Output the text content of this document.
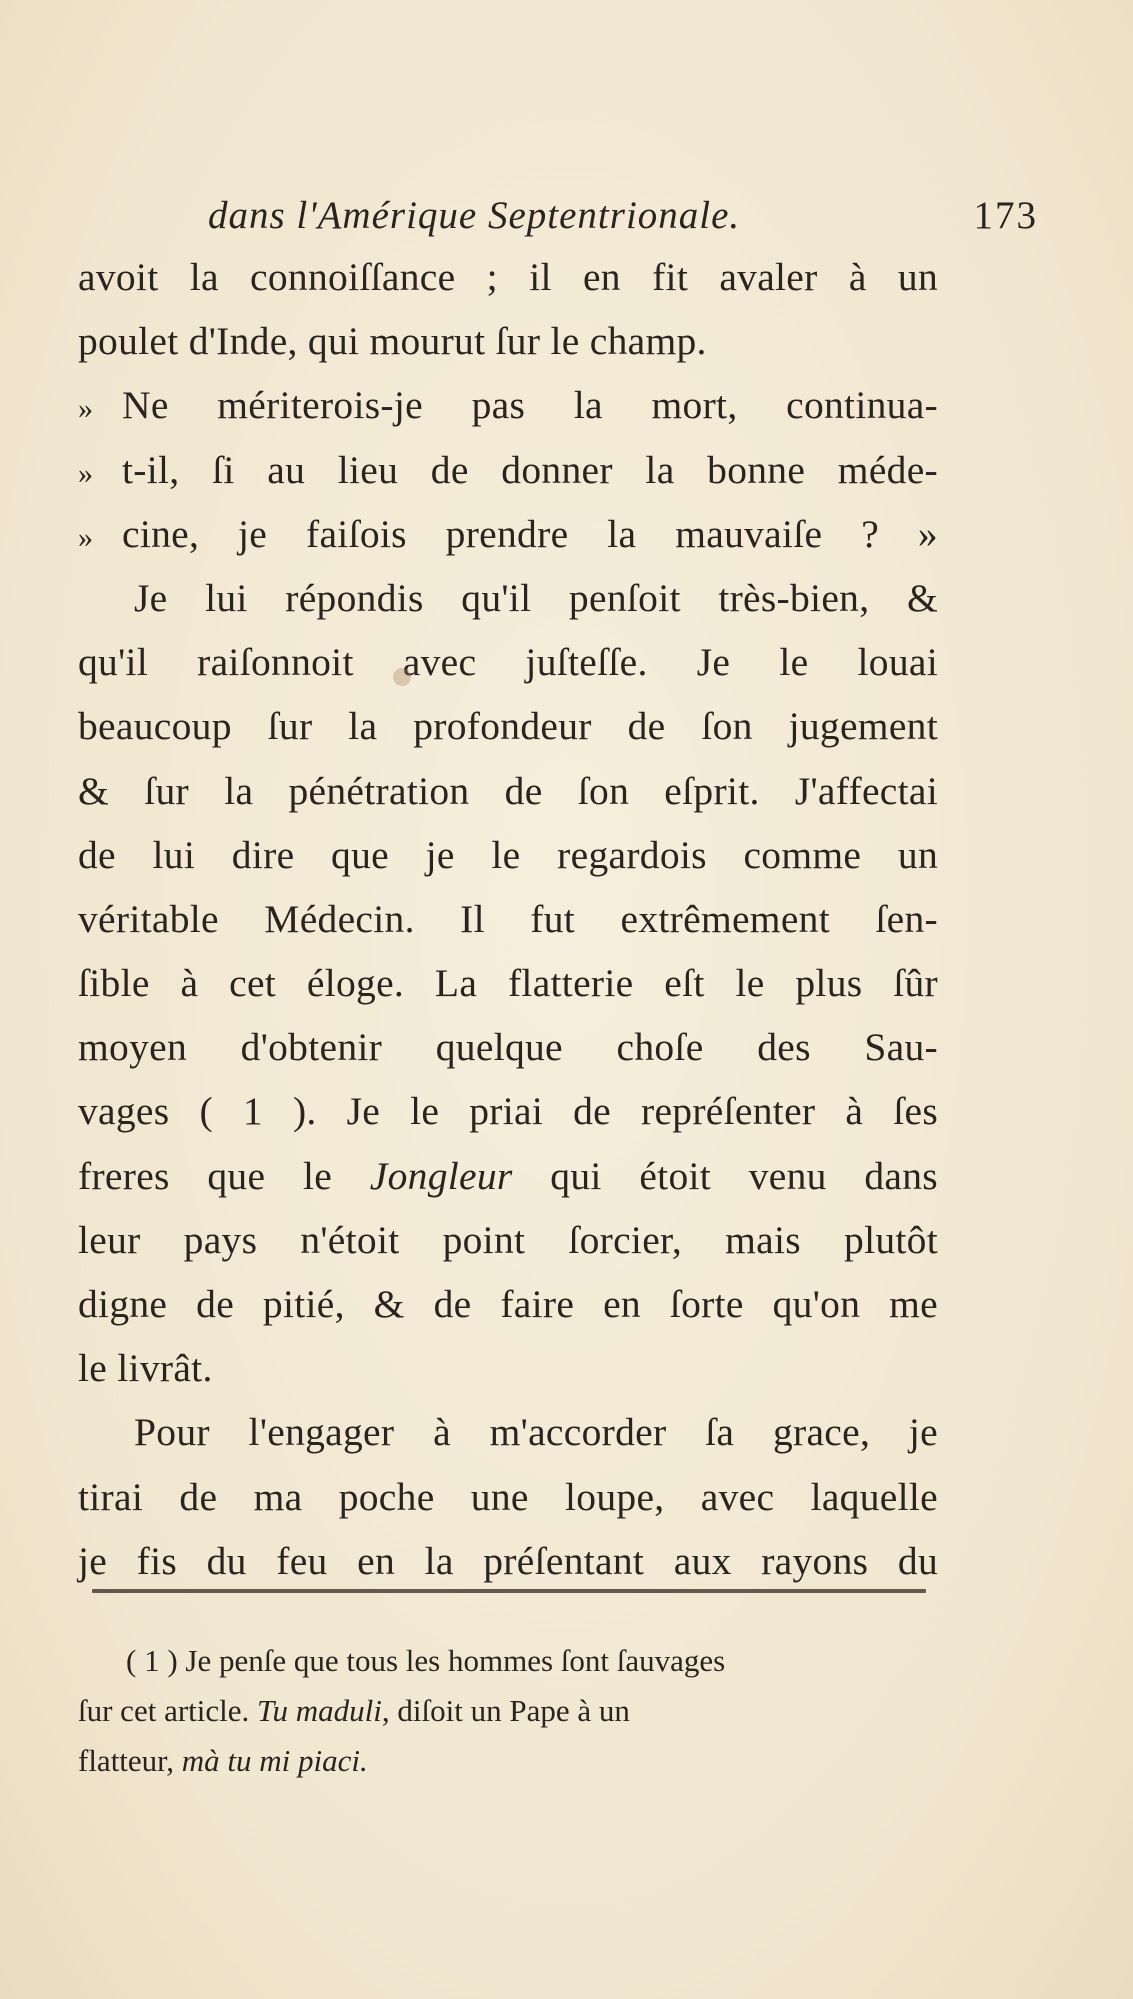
dans l'Amérique Septentrionale.	173
avoit la connoiſſance ; il en fit avaler à un
poulet d'Inde, qui mourut ſur le champ.
» Ne mériterois-je pas la mort, continua-
» t-il, ſi au lieu de donner la bonne méde-
» cine, je faiſois prendre la mauvaiſe ? »
Je lui répondis qu'il penſoit très-bien, &
qu'il raiſonnoit avec juſteſſe. Je le louai
beaucoup ſur la profondeur de ſon jugement
& ſur la pénétration de ſon eſprit. J'affectai
de lui dire que je le regardois comme un
véritable Médecin. Il fut extrêmement ſen-
ſible à cet éloge. La flatterie eſt le plus ſûr
moyen d'obtenir quelque choſe des Sau-
vages ( 1 ). Je le priai de repréſenter à ſes
freres que le Jongleur qui étoit venu dans
leur pays n'étoit point ſorcier, mais plutôt
digne de pitié, & de faire en ſorte qu'on me
le livrât.
Pour l'engager à m'accorder ſa grace, je
tirai de ma poche une loupe, avec laquelle
je fis du feu en la préſentant aux rayons du
( 1 ) Je penſe que tous les hommes ſont ſauvages
ſur cet article. Tu maduli, diſoit un Pape à un
flatteur, mà tu mi piaci.
